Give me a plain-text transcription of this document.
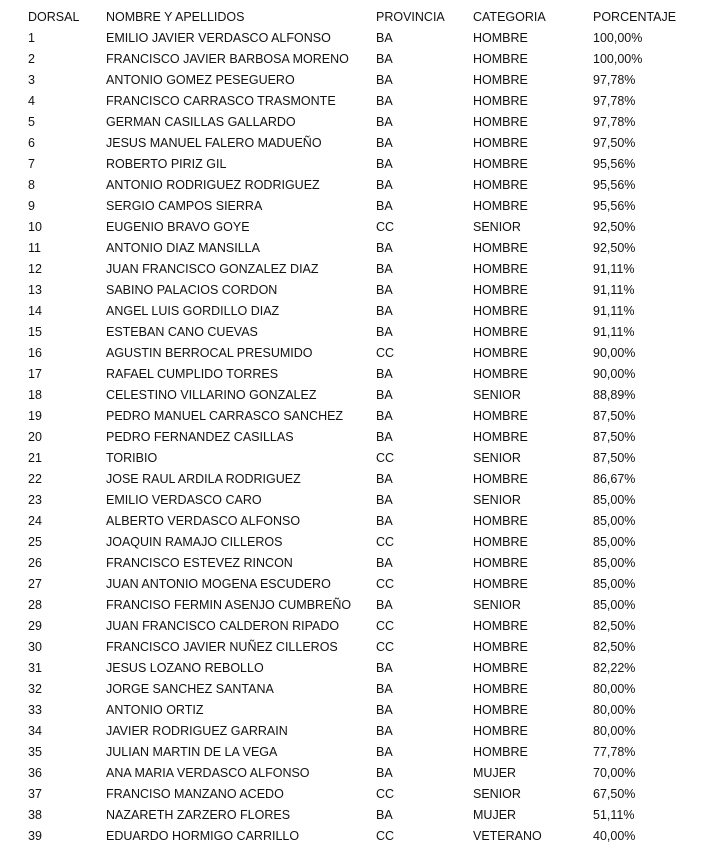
DORSAL	NOMBRE Y APELLIDOS	PROVINCIA	CATEGORIA	PORCENTAJE
1	EMILIO JAVIER VERDASCO ALFONSO	BA	HOMBRE	100,00%
2	FRANCISCO JAVIER BARBOSA MORENO	BA	HOMBRE	100,00%
3	ANTONIO GOMEZ PESEGUERO	BA	HOMBRE	97,78%
4	FRANCISCO CARRASCO TRASMONTE	BA	HOMBRE	97,78%
5	GERMAN CASILLAS GALLARDO	BA	HOMBRE	97,78%
6	JESUS MANUEL FALERO MADUEÑO	BA	HOMBRE	97,50%
7	ROBERTO PIRIZ GIL	BA	HOMBRE	95,56%
8	ANTONIO RODRIGUEZ RODRIGUEZ	BA	HOMBRE	95,56%
9	SERGIO CAMPOS SIERRA	BA	HOMBRE	95,56%
10	EUGENIO BRAVO GOYE	CC	SENIOR	92,50%
11	ANTONIO DIAZ MANSILLA	BA	HOMBRE	92,50%
12	JUAN FRANCISCO GONZALEZ DIAZ	BA	HOMBRE	91,11%
13	SABINO PALACIOS CORDON	BA	HOMBRE	91,11%
14	ANGEL LUIS GORDILLO DIAZ	BA	HOMBRE	91,11%
15	ESTEBAN CANO CUEVAS	BA	HOMBRE	91,11%
16	AGUSTIN BERROCAL PRESUMIDO	CC	HOMBRE	90,00%
17	RAFAEL CUMPLIDO TORRES	BA	HOMBRE	90,00%
18	CELESTINO VILLARINO GONZALEZ	BA	SENIOR	88,89%
19	PEDRO MANUEL CARRASCO SANCHEZ	BA	HOMBRE	87,50%
20	PEDRO FERNANDEZ CASILLAS	BA	HOMBRE	87,50%
21	TORIBIO	CC	SENIOR	87,50%
22	JOSE RAUL ARDILA RODRIGUEZ	BA	HOMBRE	86,67%
23	EMILIO VERDASCO CARO	BA	SENIOR	85,00%
24	ALBERTO VERDASCO ALFONSO	BA	HOMBRE	85,00%
25	JOAQUIN RAMAJO CILLEROS	CC	HOMBRE	85,00%
26	FRANCISCO ESTEVEZ RINCON	BA	HOMBRE	85,00%
27	JUAN ANTONIO MOGENA ESCUDERO	CC	HOMBRE	85,00%
28	FRANCISO FERMIN ASENJO CUMBREÑO	BA	SENIOR	85,00%
29	JUAN FRANCISCO CALDERON RIPADO	CC	HOMBRE	82,50%
30	FRANCISCO JAVIER NUÑEZ CILLEROS	CC	HOMBRE	82,50%
31	JESUS LOZANO REBOLLO	BA	HOMBRE	82,22%
32	JORGE SANCHEZ SANTANA	BA	HOMBRE	80,00%
33	ANTONIO ORTIZ	BA	HOMBRE	80,00%
34	JAVIER RODRIGUEZ GARRAIN	BA	HOMBRE	80,00%
35	JULIAN MARTIN DE LA VEGA	BA	HOMBRE	77,78%
36	ANA MARIA VERDASCO ALFONSO	BA	MUJER	70,00%
37	FRANCISO MANZANO ACEDO	CC	SENIOR	67,50%
38	NAZARETH ZARZERO FLORES	BA	MUJER	51,11%
39	EDUARDO HORMIGO CARRILLO	CC	VETERANO	40,00%
